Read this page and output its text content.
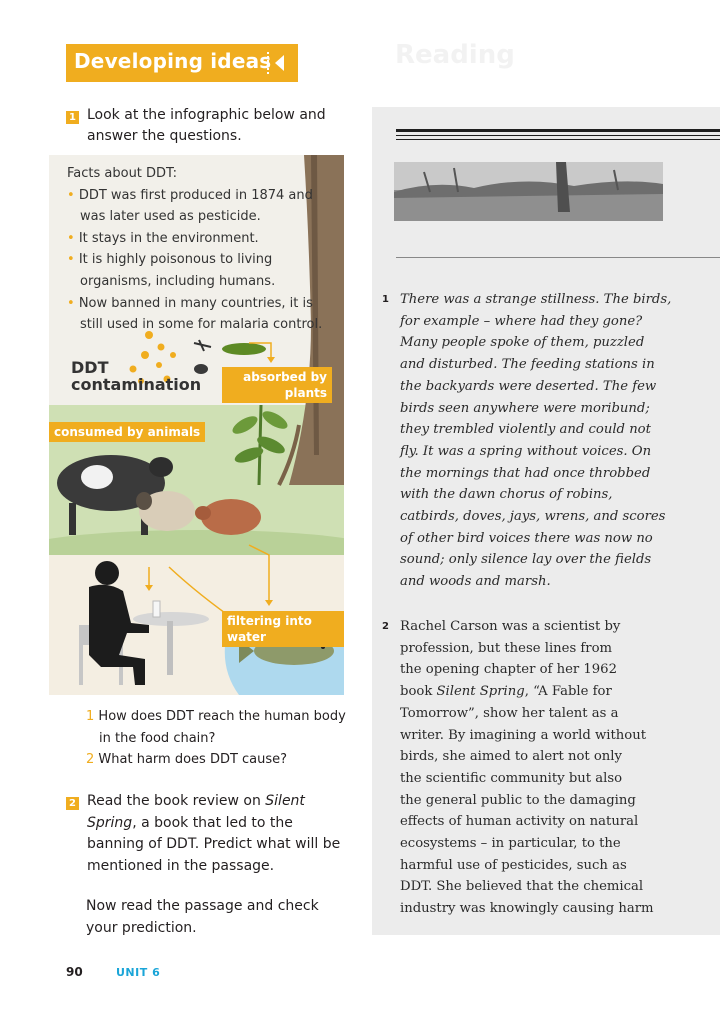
Developing ideas	Reading
1 Look at the infographic below and
answer the questions.
Facts about DDT:
• DDT was first produced in 1874 and
was later used as pesticide.
• It stays in the environment.
• It is highly poisonous to living
organisms, including humans.
• Now banned in many countries, it is
still used in some for malaria control.
DDT
contamination	absorbed by
plants
consumed by animals
filtering into water
1 How does DDT reach the human body
in the food chain?
2 What harm does DDT cause?
2 Read the book review on Silent
Spring, a book that led to the
banning of DDT. Predict what will be
mentioned in the passage.
Now read the passage and check
your prediction.
1 There was a strange stillness. The birds,
for example – where had they gone?
Many people spoke of them, puzzled
and disturbed. The feeding stations in
the backyards were deserted. The few
birds seen anywhere were moribund;
they trembled violently and could not
fly. It was a spring without voices. On
the mornings that had once throbbed
with the dawn chorus of robins,
catbirds, doves, jays, wrens, and scores
of other bird voices there was now no
sound; only silence lay over the fields
and woods and marsh.
2 Rachel Carson was a scientist by
profession, but these lines from
the opening chapter of her 1962
book Silent Spring, “A Fable for
Tomorrow”, show her talent as a
writer. By imagining a world without
birds, she aimed to alert not only
the scientific community but also
the general public to the damaging
effects of human activity on natural
ecosystems – in particular, to the
harmful use of pesticides, such as
DDT. She believed that the chemical
industry was knowingly causing harm
90	UNIT 6
